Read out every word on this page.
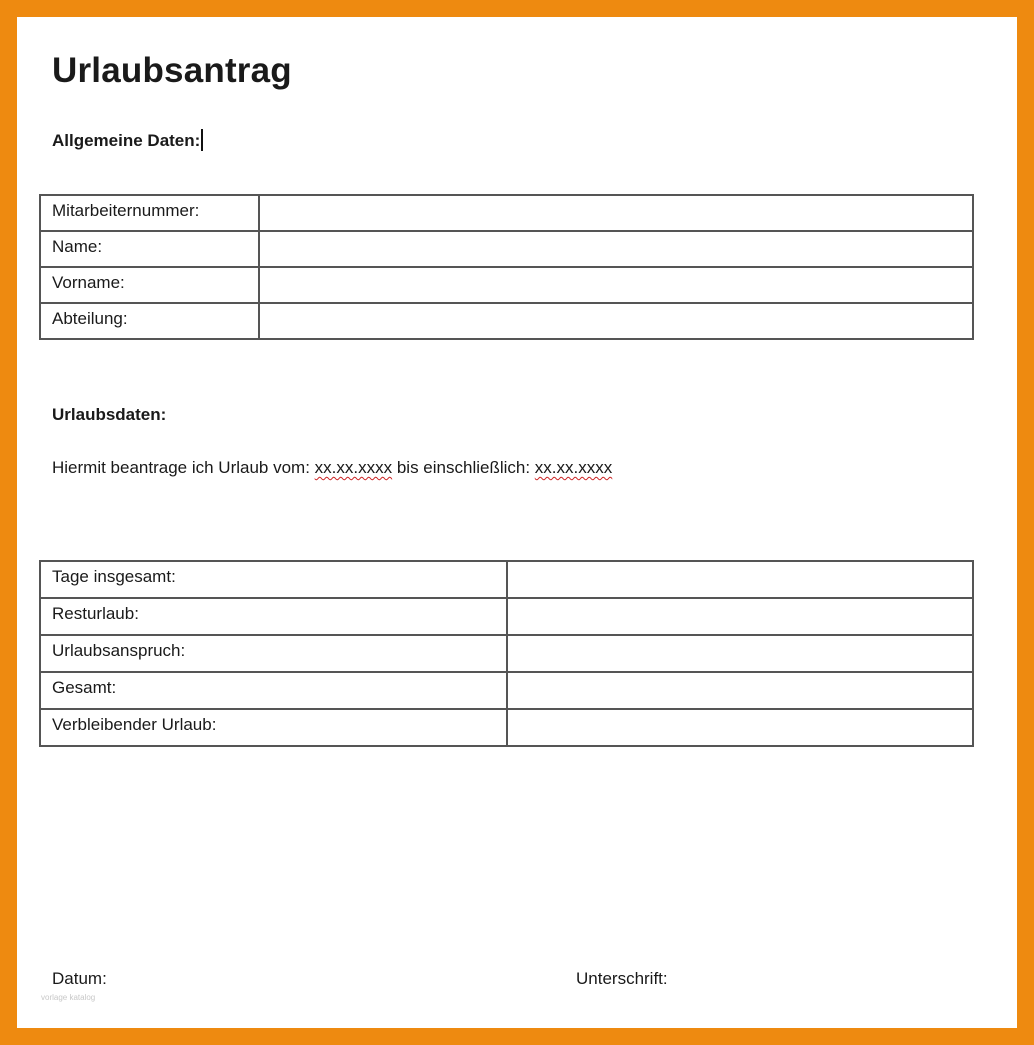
Urlaubsantrag

Allgemeine Daten:

Mitarbeiternummer:	
Name:	
Vorname:	
Abteilung:	

Urlaubsdaten:

Hiermit beantrage ich Urlaub vom: xx.xx.xxxx bis einschließlich: xx.xx.xxxx

Tage insgesamt:	
Resturlaub:	
Urlaubsanspruch:	
Gesamt:	
Verbleibender Urlaub:	

Datum:	Unterschrift:

vorlage katalog
